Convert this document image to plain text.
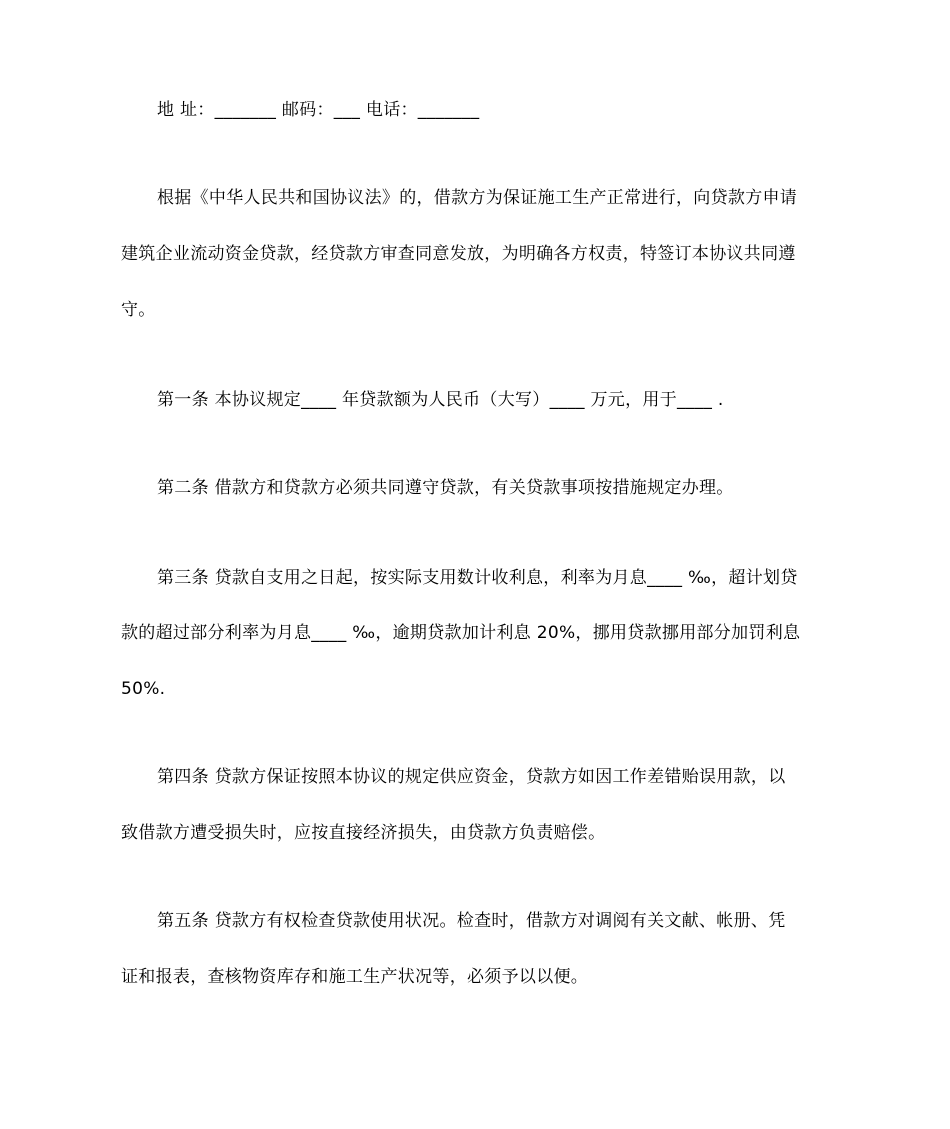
地 址：_______ 邮码：___ 电话：_______
根据《中华人民共和国协议法》的，借款方为保证施工生产正常进行，向贷款方申请
建筑企业流动资金贷款，经贷款方审查同意发放，为明确各方权责，特签订本协议共同遵
守。
第一条 本协议规定____ 年贷款额为人民币（大写）____ 万元，用于____ .
第二条 借款方和贷款方必须共同遵守贷款，有关贷款事项按措施规定办理。
第三条 贷款自支用之日起，按实际支用数计收利息，利率为月息____ ‰，超计划贷
款的超过部分利率为月息____ ‰，逾期贷款加计利息 20%，挪用贷款挪用部分加罚利息
50%.
第四条 贷款方保证按照本协议的规定供应资金，贷款方如因工作差错贻误用款，以
致借款方遭受损失时，应按直接经济损失，由贷款方负责赔偿。
第五条 贷款方有权检查贷款使用状况。检查时，借款方对调阅有关文献、帐册、凭
证和报表，查核物资库存和施工生产状况等，必须予以以便。
